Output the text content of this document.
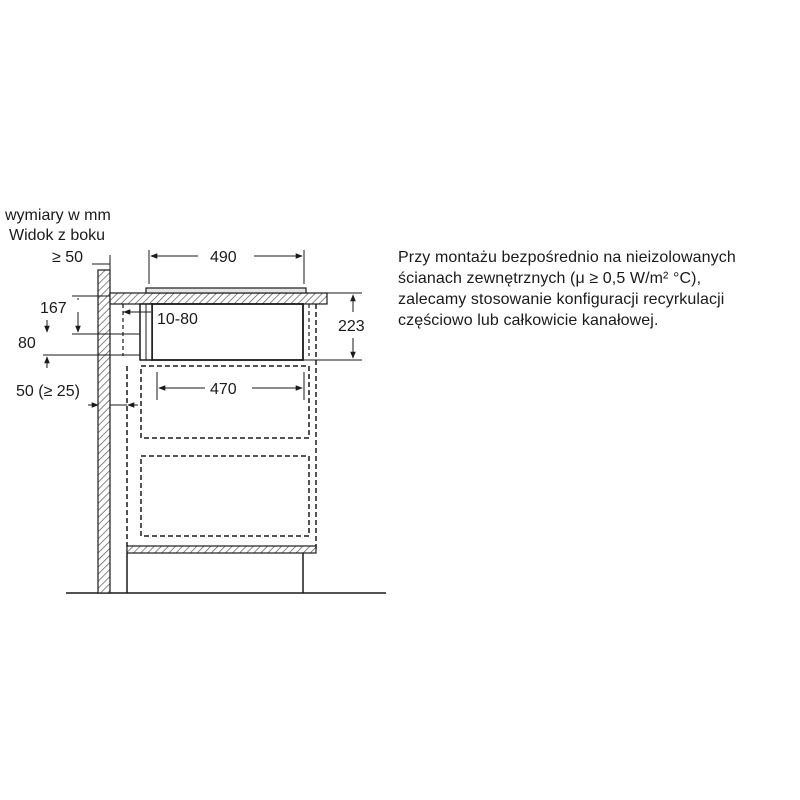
wymiary w mm
Widok z boku
≥ 50	490
167
10-80
80
223
470
50 (≥ 25)
Przy montażu bezpośrednio na nieizolowanych
ścianach zewnętrznych (μ ≥ 0,5 W/m² °C),
zalecamy stosowanie konfiguracji recyrkulacji
częściowo lub całkowicie kanałowej.
